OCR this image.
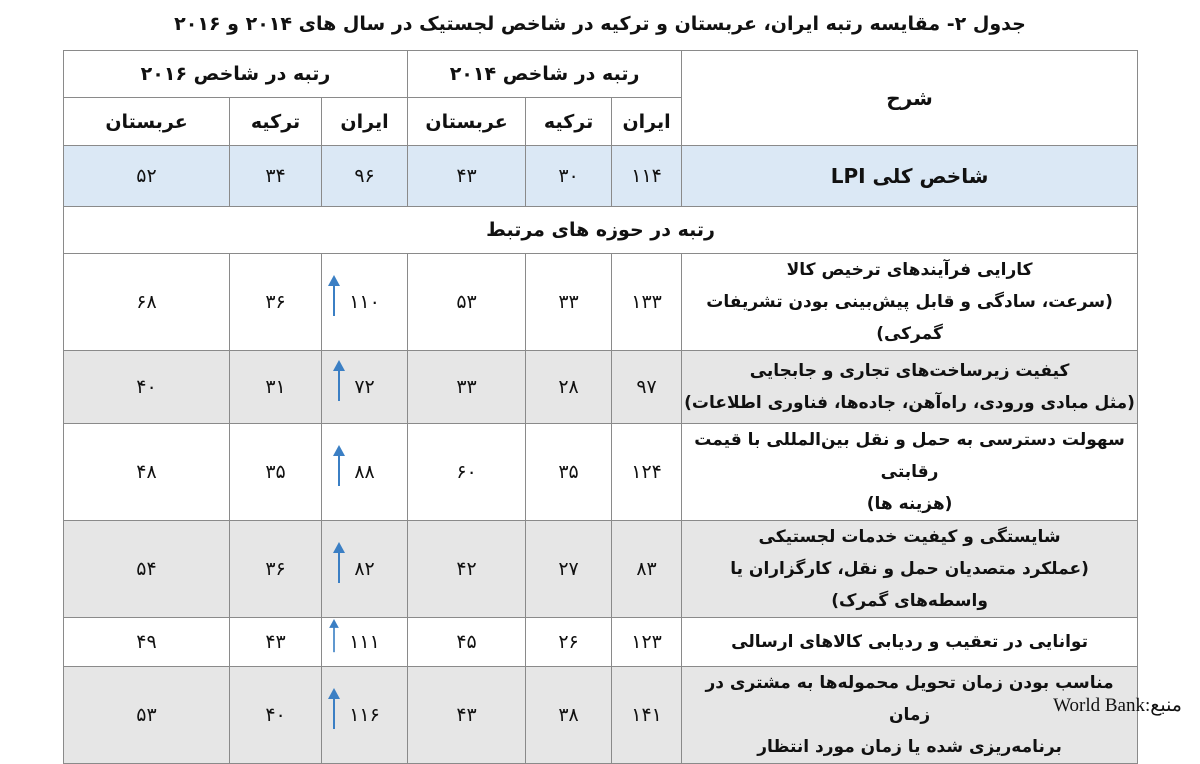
جدول ۲- مقایسه رتبه ایران، عربستان و ترکیه در شاخص لجستیک در سال های ۲۰۱۴ و ۲۰۱۶
شرح	رتبه در شاخص ۲۰۱۴			رتبه در شاخص ۲۰۱۶		
	ایران	ترکیه	عربستان	ایران	ترکیه	عربستان
شاخص کلی LPI	۱۱۴	۳۰	۴۳	۹۶	۳۴	۵۲
رتبه در حوزه های مرتبط						

کارایی فرآیندهای ترخیص کالا
(سرعت، سادگی و قابل پیش‌بینی بودن تشریفات گمرکی)	۱۳۳	۳۳	۵۳	۱۱۰	۳۶	۶۸

کیفیت زیرساخت‌های تجاری و جابجایی
(مثل مبادی ورودی، راه‌آهن، جاده‌ها، فناوری اطلاعات)	۹۷	۲۸	۳۳	۷۲	۳۱	۴۰

سهولت دسترسی به حمل و نقل بین‌المللی با قیمت رقابتی
(هزینه ها)	۱۲۴	۳۵	۶۰	۸۸	۳۵	۴۸

شایستگی و کیفیت خدمات لجستیکی
(عملکرد متصدیان حمل و نقل، کارگزاران یا واسطه‌های گمرک)	۸۳	۲۷	۴۲	۸۲	۳۶	۵۴

توانایی در تعقیب و ردیابی کالاهای ارسالی	۱۲۳	۲۶	۴۵	۱۱۱	۴۳	۴۹

مناسب بودن زمان تحویل محموله‌ها به مشتری در زمان
برنامه‌ریزی شده یا زمان مورد انتظار	۱۴۱	۳۸	۴۳	۱۱۶	۴۰	۵۳	منبع:World Bank
